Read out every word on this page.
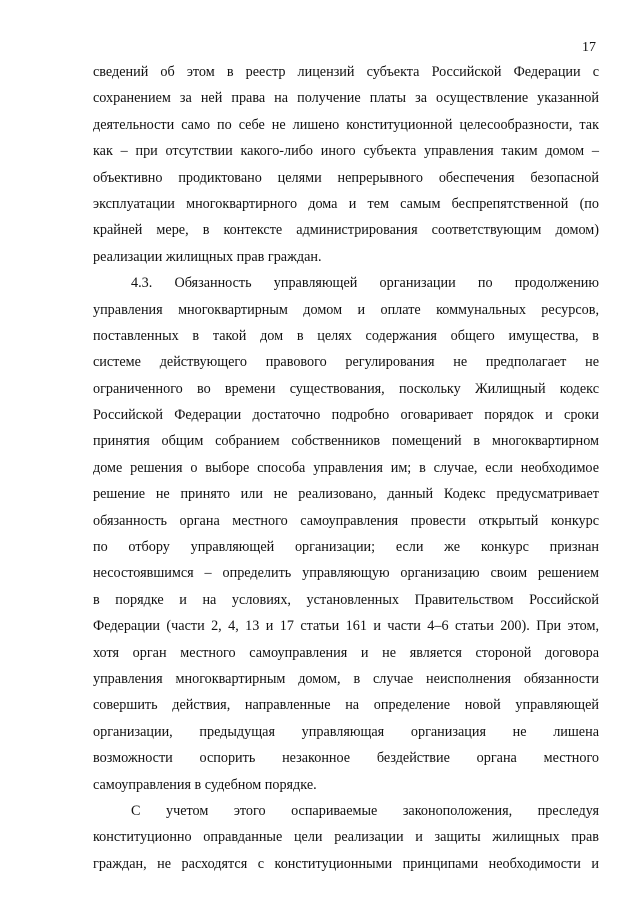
17
сведений об этом в реестр лицензий субъекта Российской Федерации с
сохранением за ней права на получение платы за осуществление указанной
деятельности само по себе не лишено конституционной целесообразности, так
как – при отсутствии какого-либо иного субъекта управления таким домом –
объективно продиктовано целями непрерывного обеспечения безопасной
эксплуатации многоквартирного дома и тем самым беспрепятственной (по
крайней мере, в контексте администрирования соответствующим домом)
реализации жилищных прав граждан.
4.3. Обязанность управляющей организации по продолжению
управления многоквартирным домом и оплате коммунальных ресурсов,
поставленных в такой дом в целях содержания общего имущества, в
системе действующего правового регулирования не предполагает не
ограниченного во времени существования, поскольку Жилищный кодекс
Российской Федерации достаточно подробно оговаривает порядок и сроки
принятия общим собранием собственников помещений в многоквартирном
доме решения о выборе способа управления им; в случае, если необходимое
решение не принято или не реализовано, данный Кодекс предусматривает
обязанность органа местного самоуправления провести открытый конкурс
по отбору управляющей организации; если же конкурс признан
несостоявшимся – определить управляющую организацию своим решением
в порядке и на условиях, установленных Правительством Российской
Федерации (части 2, 4, 13 и 17 статьи 161 и части 4–6 статьи 200). При этом,
хотя орган местного самоуправления и не является стороной договора
управления многоквартирным домом, в случае неисполнения обязанности
совершить действия, направленные на определение новой управляющей
организации, предыдущая управляющая организация не лишена
возможности оспорить незаконное бездействие органа местного
самоуправления в судебном порядке.
С учетом этого оспариваемые законоположения, преследуя
конституционно оправданные цели реализации и защиты жилищных прав
граждан, не расходятся с конституционными принципами необходимости и
